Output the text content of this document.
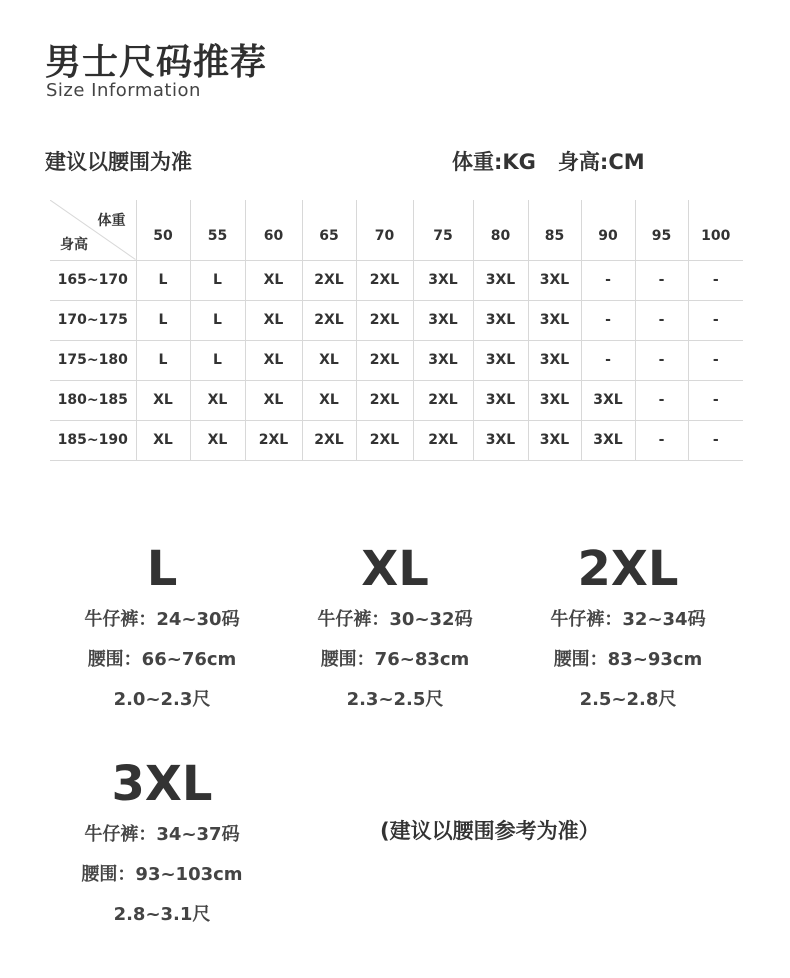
男士尺码推荐
Size Information
建议以腰围为准	体重:KG 身高:CM
体重
身高	50	55	60	65	70	75	80	85	90	95	100
165~170	L	L	XL	2XL	2XL	3XL	3XL	3XL	-	-	-
170~175	L	L	XL	2XL	2XL	3XL	3XL	3XL	-	-	-
175~180	L	L	XL	XL	2XL	3XL	3XL	3XL	-	-	-
180~185	XL	XL	XL	XL	2XL	2XL	3XL	3XL	3XL	-	-
185~190	XL	XL	2XL	2XL	2XL	2XL	3XL	3XL	3XL	-	-
L
牛仔裤：24~30码
腰围：66~76cm
2.0~2.3尺
XL
牛仔裤：30~32码
腰围：76~83cm
2.3~2.5尺
2XL
牛仔裤：32~34码
腰围：83~93cm
2.5~2.8尺
3XL
牛仔裤：34~37码
腰围：93~103cm
2.8~3.1尺
(建议以腰围参考为准）
